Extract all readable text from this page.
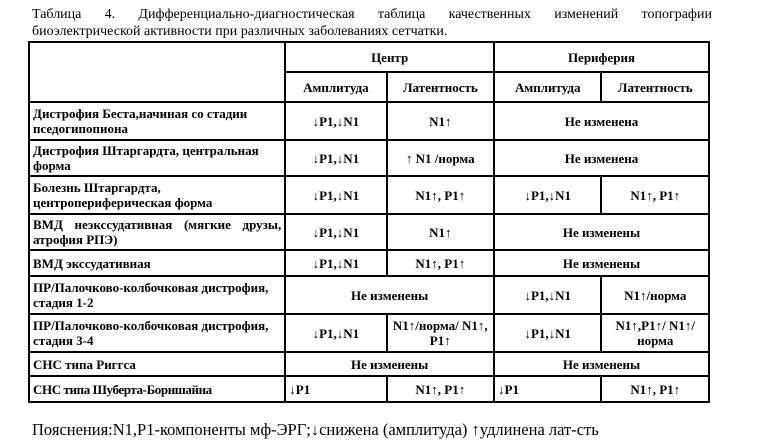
Таблица 4. Дифференциально-диагностическая таблица качественных изменений топографии
биоэлектрической активности при различных заболеваниях сетчатки.
	Центр		Периферия	
	Амплитуда	Латентность	Амплитуда	Латентность
Дистрофия Беста,начиная со стадии пседогипопиона	↓P1,↓N1	N1↑	Не изменена	
Дистрофия Штаргардта, центральная форма	↓P1,↓N1	↑ N1 /норма	Не изменена	
Болезнь Штаргардта, центропериферическая форма	↓P1,↓N1	N1↑, P1↑	↓P1,↓N1	N1↑, P1↑
ВМД неэкссудативная (мягкие друзы, атрофия РПЭ)	↓P1,↓N1	N1↑	Не изменены	
ВМД экссудативная	↓P1,↓N1	N1↑, P1↑	Не изменены	
ПР/Палочково-колбочковая дистрофия, стадия 1-2	Не изменены		↓P1,↓N1	N1↑/норма
ПР/Палочково-колбочковая дистрофия, стадия 3-4	↓P1,↓N1	N1↑/норма/ N1↑, P1↑	↓P1,↓N1	N1↑,P1↑/ N1↑/норма
СНС типа Риггса	Не изменены		Не изменены	
СНС типа Шуберта-Борншайна	↓P1	N1↑, P1↑	↓P1	N1↑, P1↑
Пояснения:N1,P1-компоненты мф-ЭРГ;↓снижена (амплитуда) ↑удлинена лат-сть
